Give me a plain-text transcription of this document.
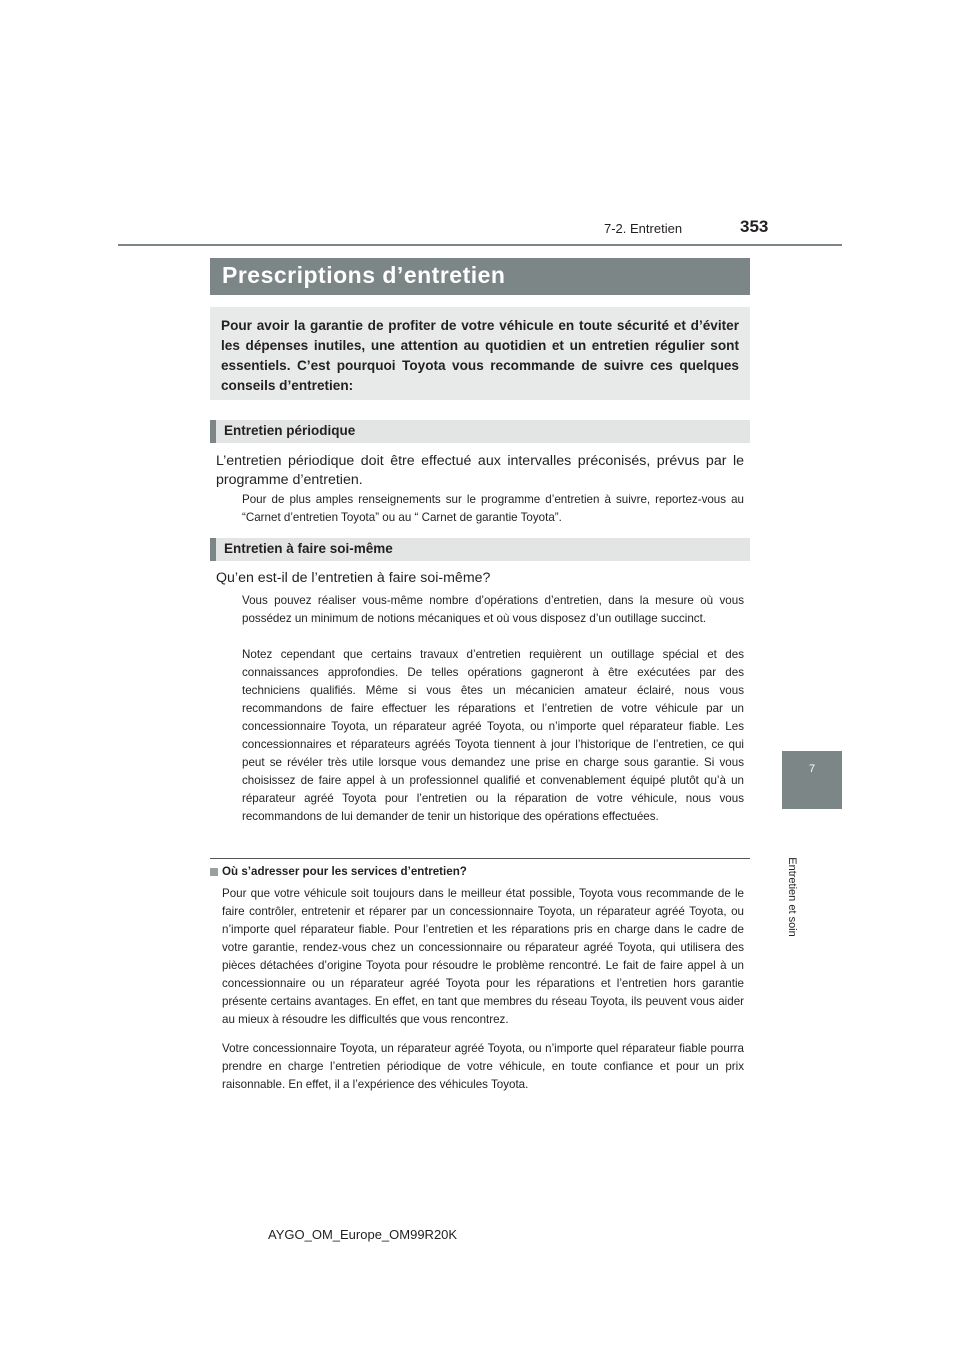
7-2. Entretien	353
7
Entretien et soin
Prescriptions d’entretien
Pour avoir la garantie de profiter de votre véhicule en toute sécurité et d’éviter les dépenses inutiles, une attention au quotidien et un entretien régulier sont essentiels. C’est pourquoi Toyota vous recommande de suivre ces quelques conseils d’entretien:
Entretien périodique
L’entretien périodique doit être effectué aux intervalles préconisés, prévus par le programme d’entretien.
Pour de plus amples renseignements sur le programme d’entretien à suivre, reportez-vous au “Carnet d’entretien Toyota” ou au “ Carnet de garantie Toyota”.
Entretien à faire soi-même
Qu’en est-il de l’entretien à faire soi-même?
Vous pouvez réaliser vous-même nombre d’opérations d’entretien, dans la mesure où vous possédez un minimum de notions mécaniques et où vous disposez d’un outillage succinct.
Notez cependant que certains travaux d’entretien requièrent un outillage spécial et des connaissances approfondies. De telles opérations gagneront à être exécutées par des techniciens qualifiés. Même si vous êtes un mécanicien amateur éclairé, nous vous recommandons de faire effectuer les réparations et l’entretien de votre véhicule par un concessionnaire Toyota, un réparateur agréé Toyota, ou n’importe quel réparateur fiable. Les concessionnaires et réparateurs agréés Toyota tiennent à jour l’historique de l’entretien, ce qui peut se révéler très utile lorsque vous demandez une prise en charge sous garantie. Si vous choisissez de faire appel à un professionnel qualifié et convenablement équipé plutôt qu’à un réparateur agréé Toyota pour l’entretien ou la réparation de votre véhicule, nous vous recommandons de lui demander de tenir un historique des opérations effectuées.
Où s’adresser pour les services d’entretien?
Pour que votre véhicule soit toujours dans le meilleur état possible, Toyota vous recommande de le faire contrôler, entretenir et réparer par un concessionnaire Toyota, un réparateur agréé Toyota, ou n’importe quel réparateur fiable. Pour l’entretien et les réparations pris en charge dans le cadre de votre garantie, rendez-vous chez un concessionnaire ou réparateur agréé Toyota, qui utilisera des pièces détachées d’origine Toyota pour résoudre le problème rencontré. Le fait de faire appel à un concessionnaire ou un réparateur agréé Toyota pour les réparations et l’entretien hors garantie présente certains avantages. En effet, en tant que membres du réseau Toyota, ils peuvent vous aider au mieux à résoudre les difficultés que vous rencontrez.
Votre concessionnaire Toyota, un réparateur agréé Toyota, ou n’importe quel réparateur fiable pourra prendre en charge l’entretien périodique de votre véhicule, en toute confiance et pour un prix raisonnable. En effet, il a l’expérience des véhicules Toyota.
AYGO_OM_Europe_OM99R20K
